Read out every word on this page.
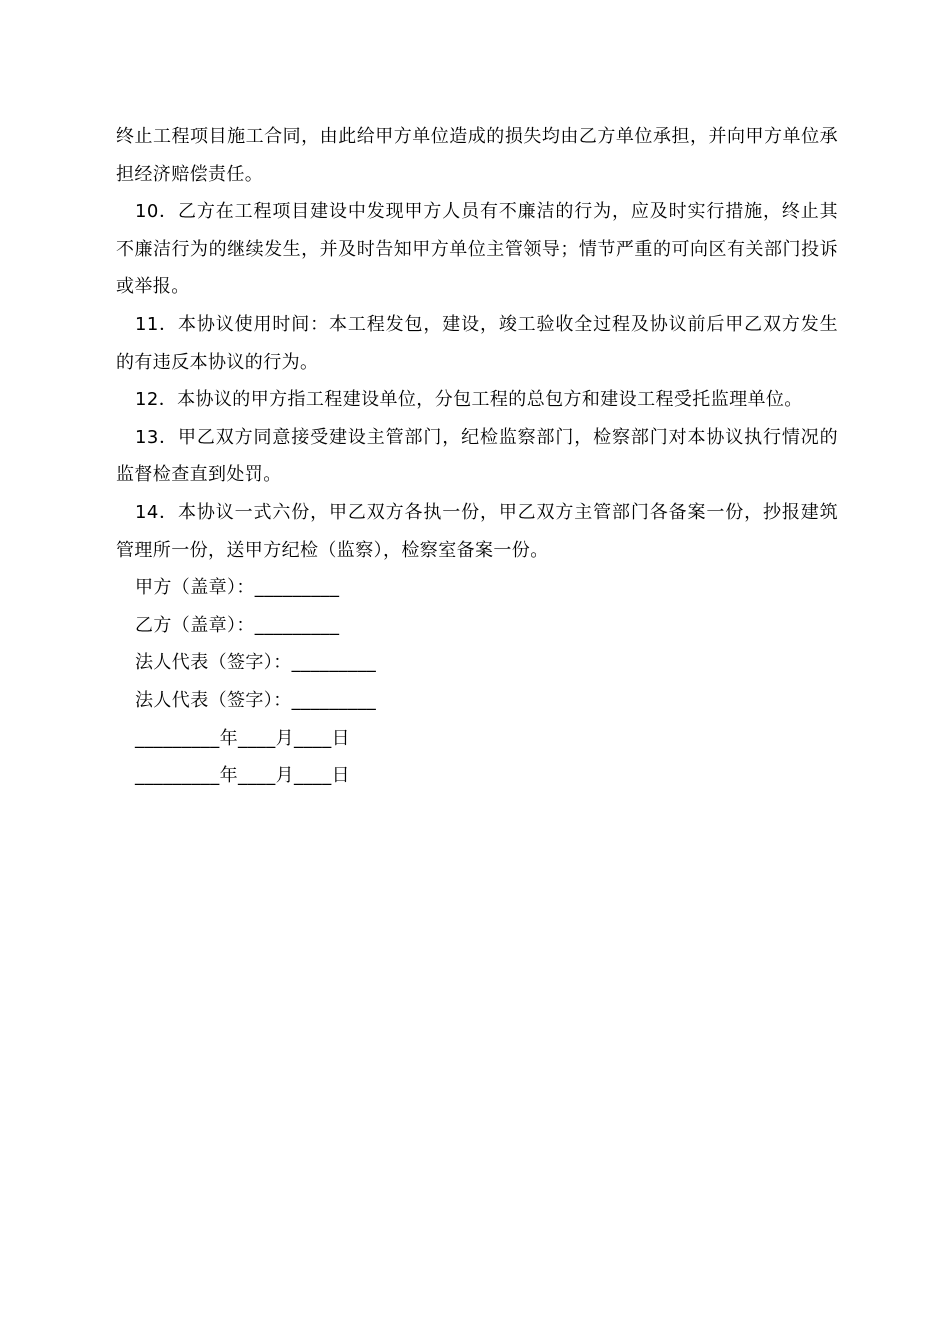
终止工程项目施工合同，由此给甲方单位造成的损失均由乙方单位承担，并向甲方单位承担经济赔偿责任。

10．乙方在工程项目建设中发现甲方人员有不廉洁的行为，应及时实行措施，终止其不廉洁行为的继续发生，并及时告知甲方单位主管领导；情节严重的可向区有关部门投诉或举报。

11．本协议使用时间：本工程发包，建设，竣工验收全过程及协议前后甲乙双方发生的有违反本协议的行为。

12．本协议的甲方指工程建设单位，分包工程的总包方和建设工程受托监理单位。

13．甲乙双方同意接受建设主管部门，纪检监察部门，检察部门对本协议执行情况的监督检查直到处罚。

14．本协议一式六份，甲乙双方各执一份，甲乙双方主管部门各备案一份，抄报建筑管理所一份，送甲方纪检（监察），检察室备案一份。

甲方（盖章）：_________

乙方（盖章）：_________

法人代表（签字）：_________

法人代表（签字）：_________

_________年____月____日

_________年____月____日
